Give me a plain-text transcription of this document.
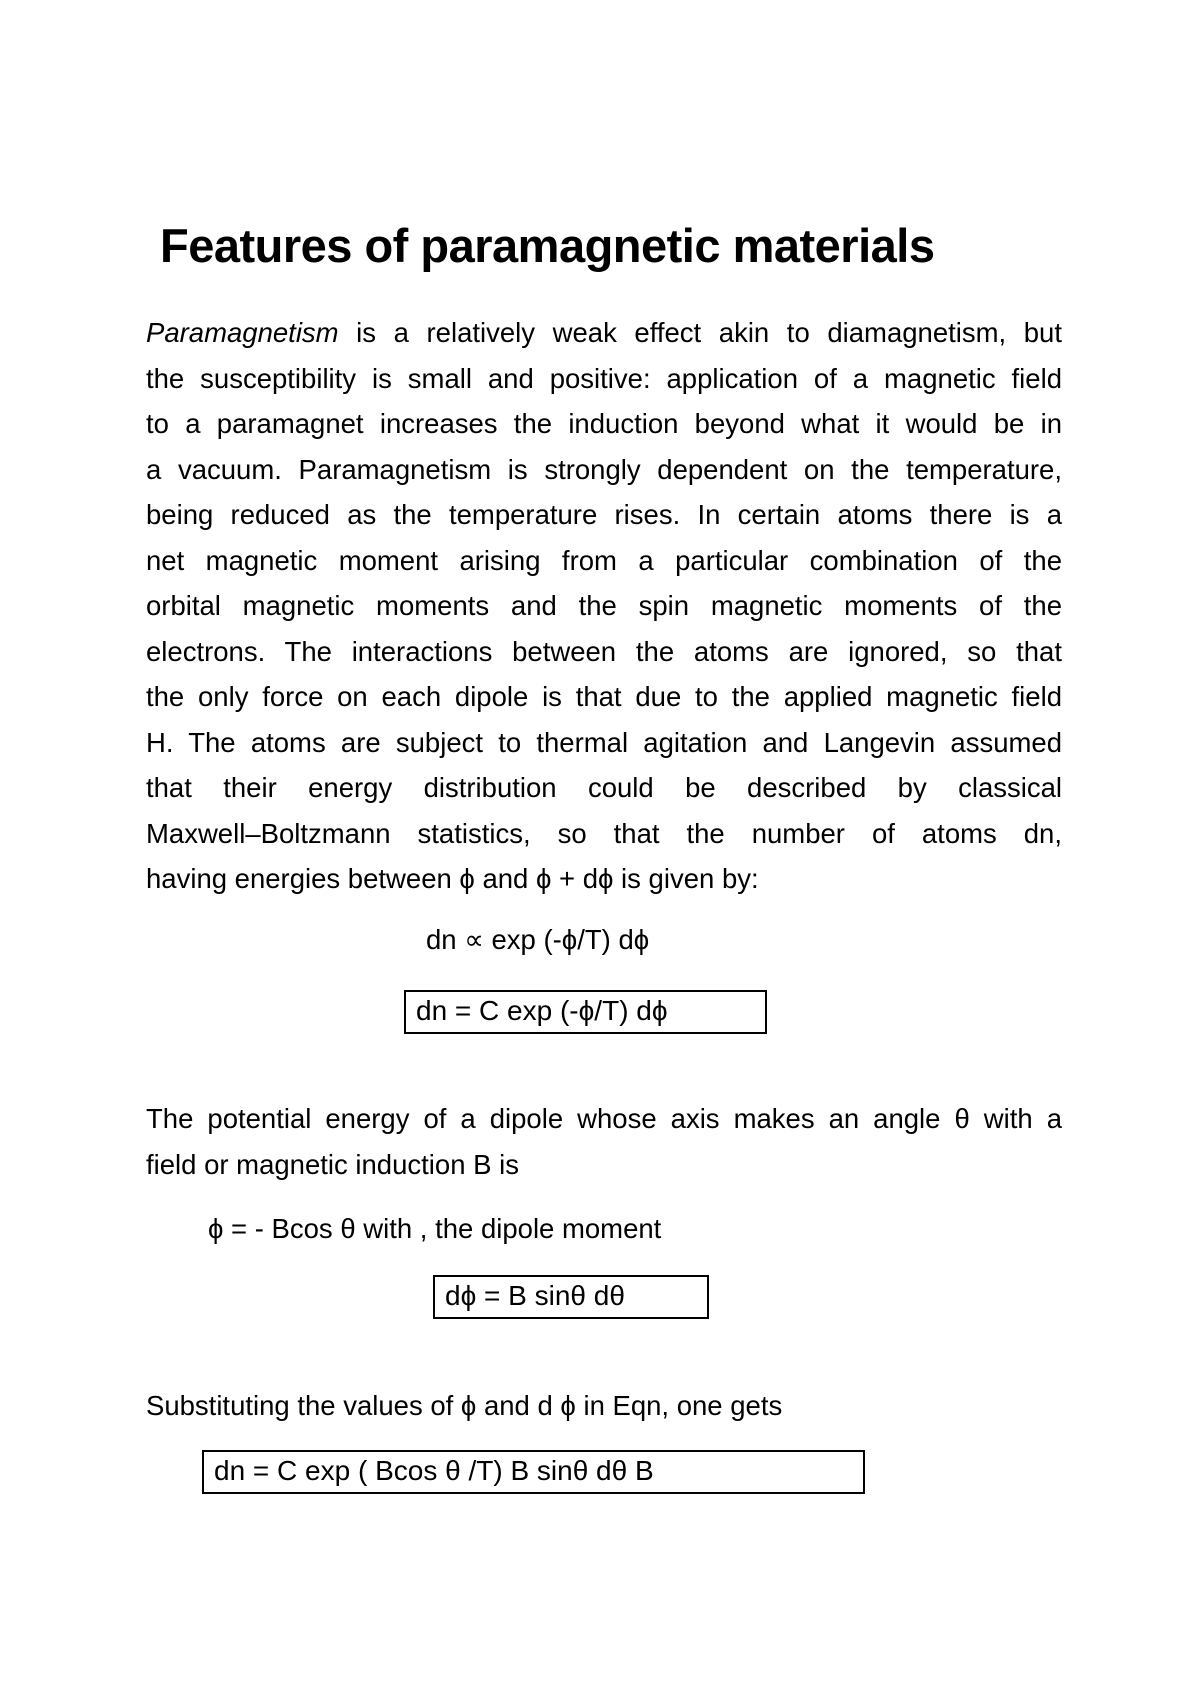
Features of paramagnetic materials
Paramagnetism is a relatively weak effect akin to diamagnetism, but
the susceptibility is small and positive: application of a magnetic field
to a paramagnet increases the induction beyond what it would be in
a vacuum. Paramagnetism is strongly dependent on the temperature,
being reduced as the temperature rises. In certain atoms there is a
net magnetic moment arising from a particular combination of the
orbital magnetic moments and the spin magnetic moments of the
electrons. The interactions between the atoms are ignored, so that
the only force on each dipole is that due to the applied magnetic field
H. The atoms are subject to thermal agitation and Langevin assumed
that their energy distribution could be described by classical
Maxwell–Boltzmann statistics, so that the number of atoms dn,
having energies between ϕ and ϕ + dϕ is given by:
dn ∝ exp (-ϕ/T) dϕ
dn = C exp (-ϕ/T) dϕ
The potential energy of a dipole whose axis makes an angle θ with a
field or magnetic induction B is
ϕ = - Bcos θ with , the dipole moment
dϕ = B sinθ dθ
Substituting the values of ϕ and d ϕ in Eqn, one gets
dn = C exp ( Bcos θ /T) B sinθ dθ B
